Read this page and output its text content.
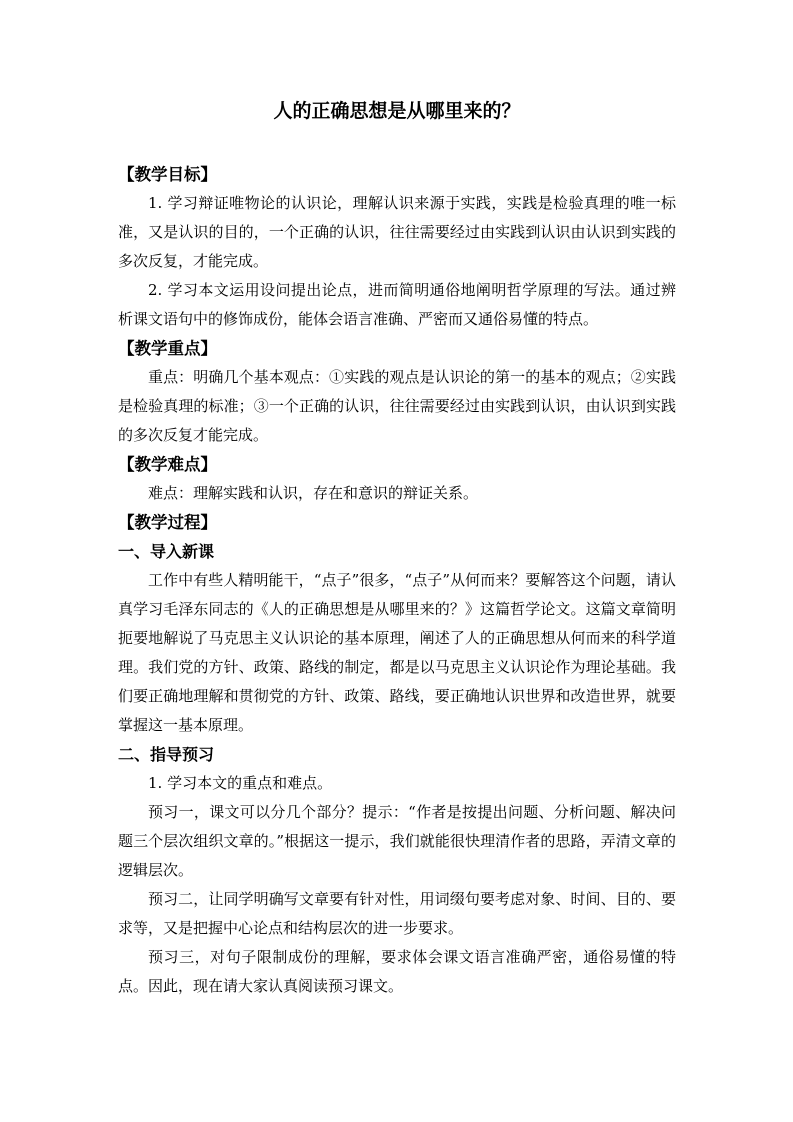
人的正确思想是从哪里来的？
【教学目标】

1. 学习辩证唯物论的认识论，理解认识来源于实践，实践是检验真理的唯一标准，又是认识的目的，一个正确的认识，往往需要经过由实践到认识由认识到实践的多次反复，才能完成。

2. 学习本文运用设问提出论点，进而简明通俗地阐明哲学原理的写法。通过辨析课文语句中的修饰成份，能体会语言准确、严密而又通俗易懂的特点。

【教学重点】

重点：明确几个基本观点：①实践的观点是认识论的第一的基本的观点；②实践是检验真理的标准；③一个正确的认识，往往需要经过由实践到认识，由认识到实践的多次反复才能完成。

【教学难点】

难点：理解实践和认识，存在和意识的辩证关系。

【教学过程】
一、导入新课

工作中有些人精明能干，“点子”很多，“点子”从何而来？要解答这个问题，请认真学习毛泽东同志的《人的正确思想是从哪里来的？》这篇哲学论文。这篇文章简明扼要地解说了马克思主义认识论的基本原理，阐述了人的正确思想从何而来的科学道理。我们党的方针、政策、路线的制定，都是以马克思主义认识论作为理论基础。我们要正确地理解和贯彻党的方针、政策、路线，要正确地认识世界和改造世界，就要掌握这一基本原理。

二、指导预习

1. 学习本文的重点和难点。

预习一，课文可以分几个部分？提示：“作者是按提出问题、分析问题、解决问题三个层次组织文章的。”根据这一提示，我们就能很快理清作者的思路，弄清文章的逻辑层次。

预习二，让同学明确写文章要有针对性，用词缀句要考虑对象、时间、目的、要求等，又是把握中心论点和结构层次的进一步要求。

预习三，对句子限制成份的理解，要求体会课文语言准确严密，通俗易懂的特点。因此，现在请大家认真阅读预习课文。
